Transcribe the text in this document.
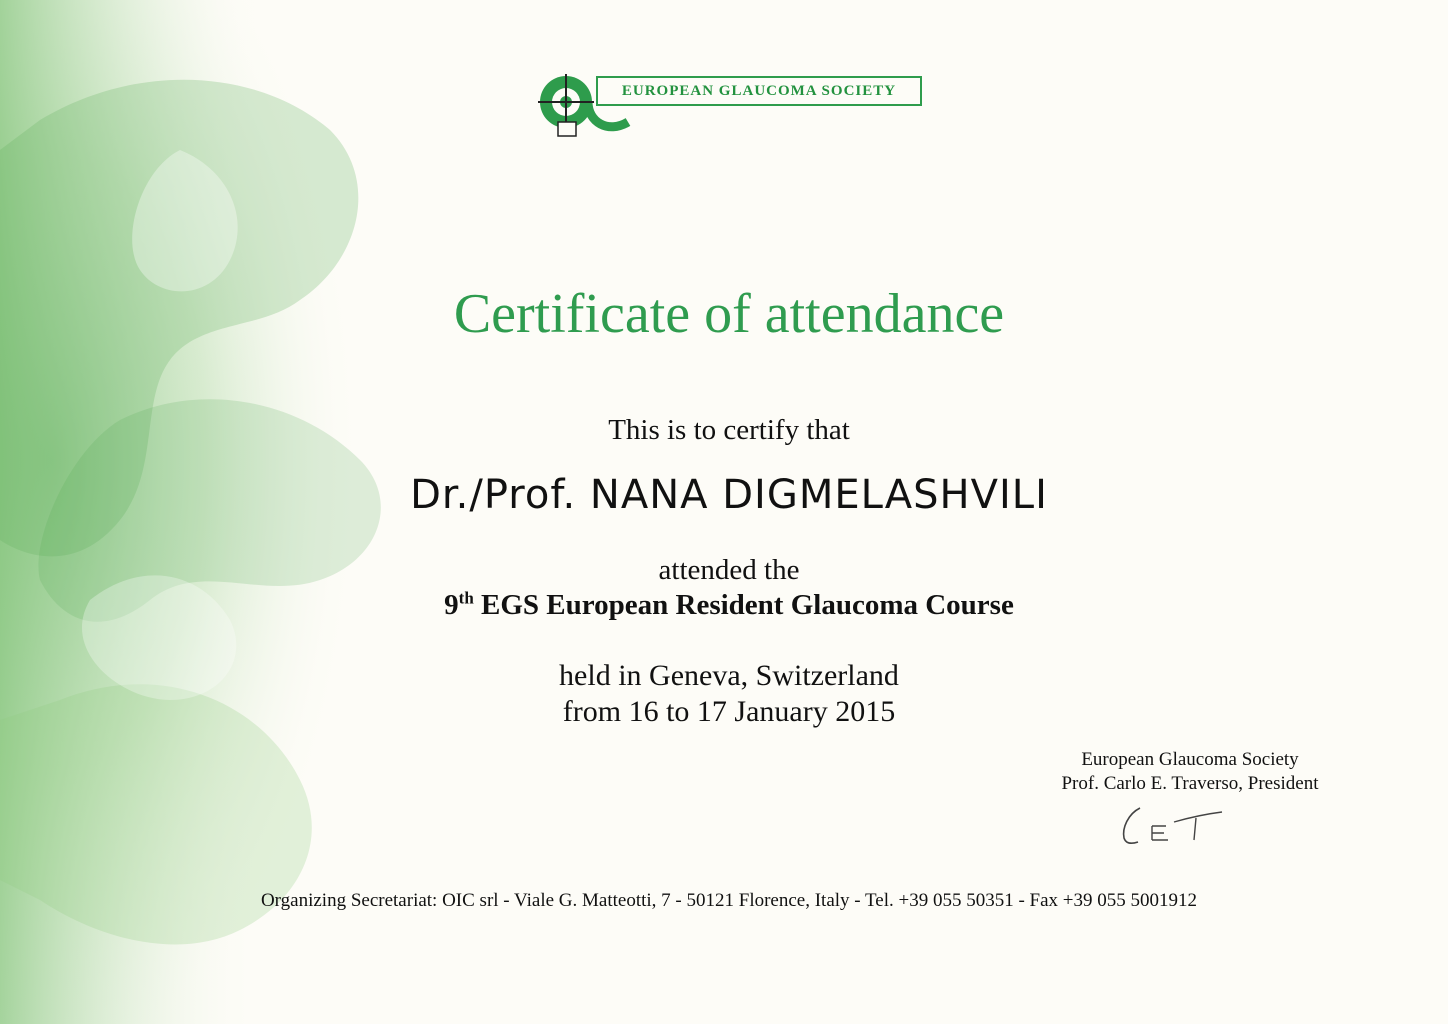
EUROPEAN GLAUCOMA SOCIETY
Certificate of attendance
This is to certify that
Dr./Prof. NANA DIGMELASHVILI
attended the
9th EGS European Resident Glaucoma Course
held in Geneva, Switzerland
from 16 to 17 January 2015
European Glaucoma Society
Prof. Carlo E. Traverso, President
Organizing Secretariat: OIC srl - Viale G. Matteotti, 7 - 50121 Florence, Italy - Tel. +39 055 50351 - Fax +39 055 5001912
